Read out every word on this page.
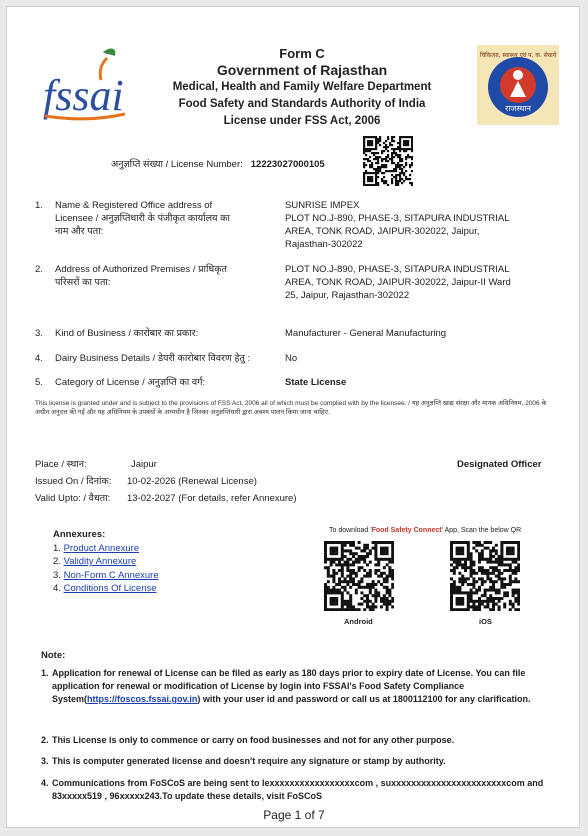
fssai
Form C
Government of Rajasthan
Medical, Health and Family Welfare Department
Food Safety and Standards Authority of India
License under FSS Act, 2006
चिकित्सा, स्वास्थ्य एवं प. क. सेवायें
राजस्थान
अनुज्ञप्ति संख्या / License Number: 12223027000105
1.	Name & Registered Office address of Licensee / अनुज्ञप्तिधारी के पंजीकृत कार्यालय का नाम और पता:
SUNRISE IMPEX
PLOT NO.J-890, PHASE-3, SITAPURA INDUSTRIAL AREA, TONK ROAD, JAIPUR-302022, Jaipur, Rajasthan-302022
2.	Address of Authorized Premises / प्राधिकृत परिसरों का पता:
PLOT NO.J-890, PHASE-3, SITAPURA INDUSTRIAL AREA, TONK ROAD, JAIPUR-302022, Jaipur-II Ward 25, Jaipur, Rajasthan-302022
3.	Kind of Business / कारोबार का प्रकार:	Manufacturer - General Manufacturing
4.	Dairy Business Details / डेयरी कारोबार विवरण हेतु :	No
5.	Category of License / अनुज्ञप्ति का वर्ग:	State License
This license is granted under and is subject to the provisions of FSS Act, 2006 all of which must be complied with by the licensee. / यह अनुज्ञप्ति खाद्य संरक्षा और मानक अधिनियम, 2006 के अधीन अनुदत्त की गई और यह अधिनियम के उपबंधों के अध्यधीन है जिनका अनुज्ञप्तिधारी द्वारा अवश्य पालन किया जाना चाहिए.
Place / स्थान:	Jaipur
Issued On / दिनांक: 10-02-2026 (Renewal License)
Valid Upto: / वैधता: 13-02-2027 (For details, refer Annexure)
Designated Officer
Annexures:
1. Product Annexure
2. Validity Annexure
3. Non-Form C Annexure
4. Conditions Of License
To download 'Food Safety Connect' App, Scan the below QR
Android	iOS
Note:
1. Application for renewal of License can be filed as early as 180 days prior to expiry date of License. You can file application for renewal or modification of License by login into FSSAI's Food Safety Compliance System(https://foscos.fssai.gov.in) with your user id and password or call us at 1800112100 for any clarification.
2. This License is only to commence or carry on food businesses and not for any other purpose.
3. This is computer generated license and doesn't require any signature or stamp by authority.
4. Communications from FoSCoS are being sent to lexxxxxxxxxxxxxxxxxcom , suxxxxxxxxxxxxxxxxxxxxxxxcom and 83xxxxx519 , 96xxxxx243.To update these details, visit FoSCoS
Page 1 of 7
